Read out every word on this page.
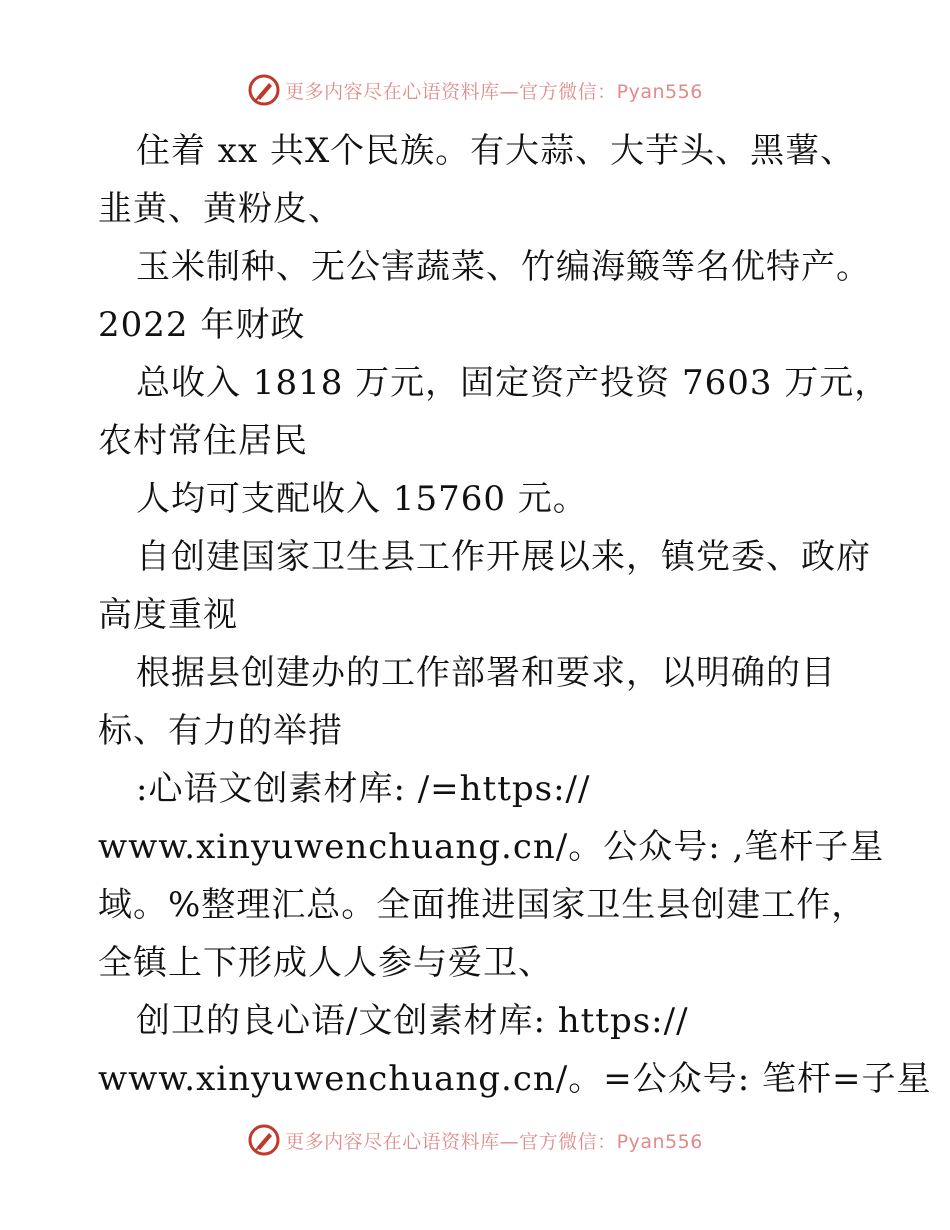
更多内容尽在心语资料库—官方微信：Pyan556
住着 xx 共X个民族。有大蒜、大芋头、黑薯、
韭黄、黄粉皮、
玉米制种、无公害蔬菜、竹编海簸等名优特产。
2022 年财政
总收入 1818 万元，固定资产投资 7603 万元，
农村常住居民
人均可支配收入 15760 元。
自创建国家卫生县工作开展以来，镇党委、政府
高度重视
根据县创建办的工作部署和要求，以明确的目
标、有力的举措
:心语文创素材库: /=https://
www.xinyuwenchuang.cn/。公众号: ,笔杆子星
域。%整理汇总。全面推进国家卫生县创建工作，
全镇上下形成人人参与爱卫、
创卫的良心语/文创素材库: https://
www.xinyuwenchuang.cn/。=公众号: 笔杆=子星
更多内容尽在心语资料库—官方微信：Pyan556
